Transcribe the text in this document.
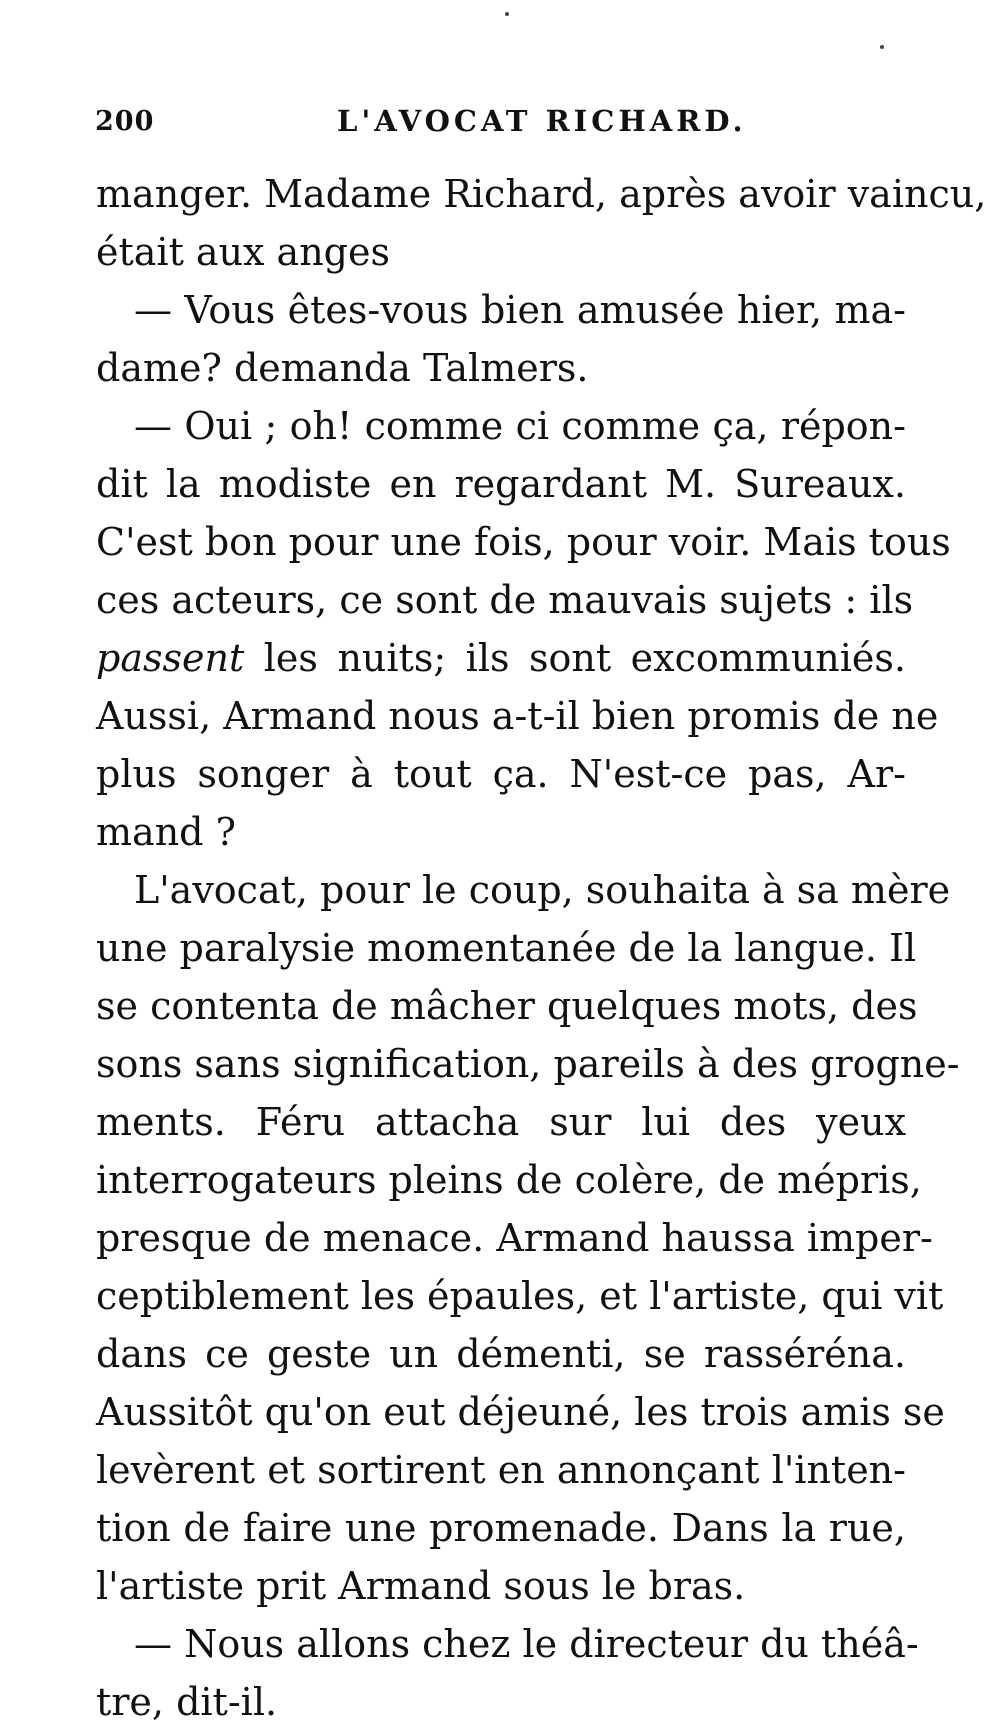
200	L'AVOCAT RICHARD.
manger. Madame Richard, après avoir vaincu,
était aux anges
— Vous êtes-vous bien amusée hier, ma-
dame? demanda Talmers.
— Oui ; oh! comme ci comme ça, répon-
dit la modiste en regardant M. Sureaux.
C'est bon pour une fois, pour voir. Mais tous
ces acteurs, ce sont de mauvais sujets : ils
passent les nuits; ils sont excommuniés.
Aussi, Armand nous a-t-il bien promis de ne
plus songer à tout ça. N'est-ce pas, Ar-
mand ?
L'avocat, pour le coup, souhaita à sa mère
une paralysie momentanée de la langue. Il
se contenta de mâcher quelques mots, des
sons sans signification, pareils à des grogne-
ments. Féru attacha sur lui des yeux
interrogateurs pleins de colère, de mépris,
presque de menace. Armand haussa imper-
ceptiblement les épaules, et l'artiste, qui vit
dans ce geste un démenti, se rasséréna.
Aussitôt qu'on eut déjeuné, les trois amis se
levèrent et sortirent en annonçant l'inten-
tion de faire une promenade. Dans la rue,
l'artiste prit Armand sous le bras.
— Nous allons chez le directeur du théâ-
tre, dit-il.
